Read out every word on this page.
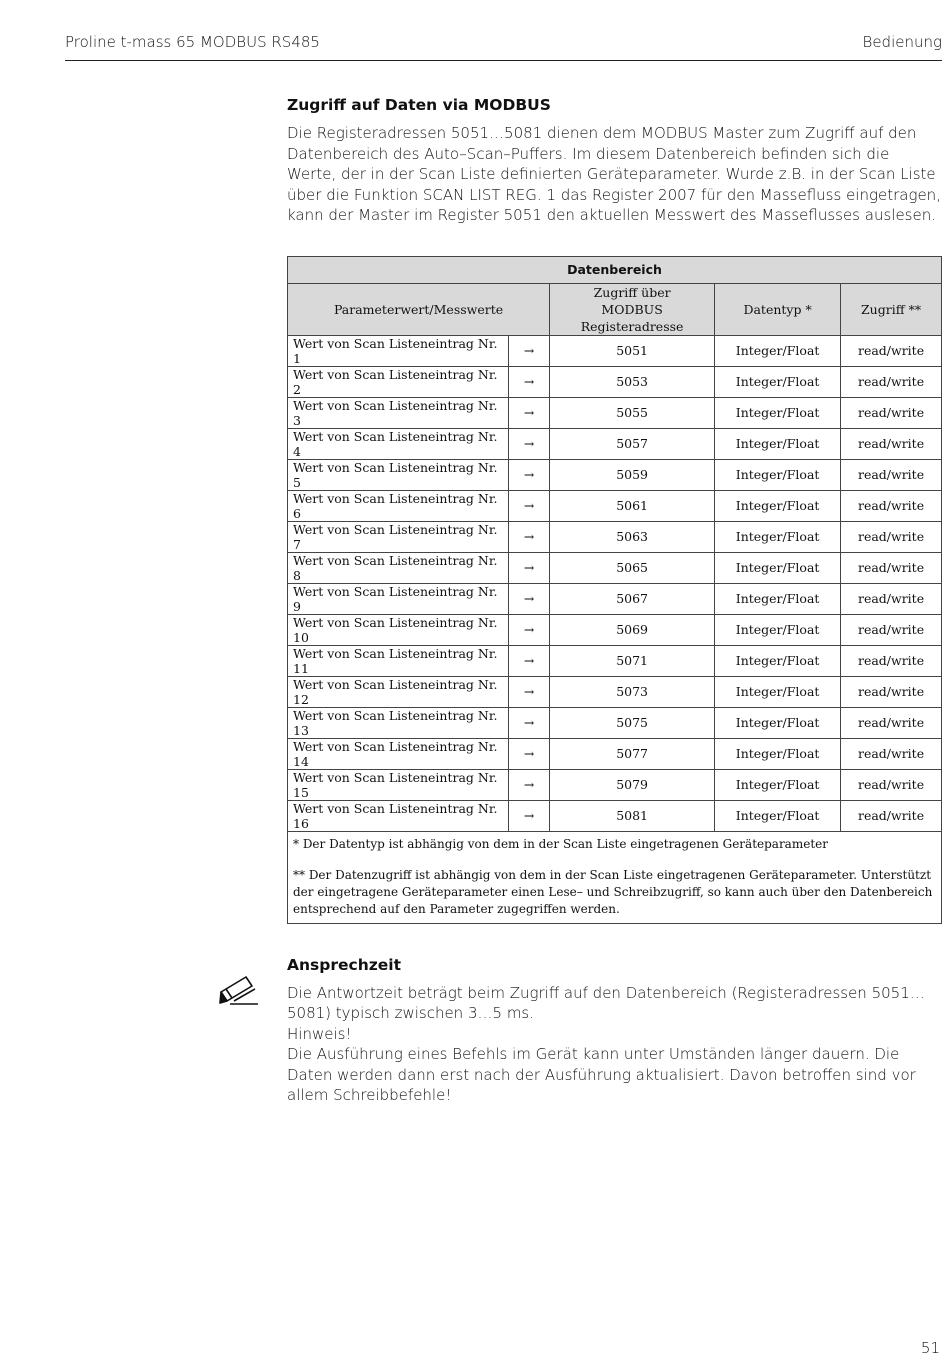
Proline t-mass 65 MODBUS RS485	Bedienung
Zugriff auf Daten via MODBUS

Die Registeradressen 5051…5081 dienen dem MODBUS Master zum Zugriff auf den Datenbereich des Auto–Scan–Puffers. Im diesem Datenbereich befinden sich die Werte, der in der Scan Liste definierten Geräteparameter. Wurde z.B. in der Scan Liste über die Funktion SCAN LIST REG. 1 das Register 2007 für den Massefluss eingetragen, kann der Master im Register 5051 den aktuellen Messwert des Masseflusses auslesen.

Datenbereich				
Parameterwert/Messwerte		Zugriff über MODBUS Registeradresse	Datentyp *	Zugriff **
Wert von Scan Listeneintrag Nr. 1	→	5051	Integer/Float	read/write
Wert von Scan Listeneintrag Nr. 2	→	5053	Integer/Float	read/write
Wert von Scan Listeneintrag Nr. 3	→	5055	Integer/Float	read/write
Wert von Scan Listeneintrag Nr. 4	→	5057	Integer/Float	read/write
Wert von Scan Listeneintrag Nr. 5	→	5059	Integer/Float	read/write
Wert von Scan Listeneintrag Nr. 6	→	5061	Integer/Float	read/write
Wert von Scan Listeneintrag Nr. 7	→	5063	Integer/Float	read/write
Wert von Scan Listeneintrag Nr. 8	→	5065	Integer/Float	read/write
Wert von Scan Listeneintrag Nr. 9	→	5067	Integer/Float	read/write
Wert von Scan Listeneintrag Nr. 10	→	5069	Integer/Float	read/write
Wert von Scan Listeneintrag Nr. 11	→	5071	Integer/Float	read/write
Wert von Scan Listeneintrag Nr. 12	→	5073	Integer/Float	read/write
Wert von Scan Listeneintrag Nr. 13	→	5075	Integer/Float	read/write
Wert von Scan Listeneintrag Nr. 14	→	5077	Integer/Float	read/write
Wert von Scan Listeneintrag Nr. 15	→	5079	Integer/Float	read/write
Wert von Scan Listeneintrag Nr. 16	→	5081	Integer/Float	read/write

* Der Datentyp ist abhängig von dem in der Scan Liste eingetragenen Geräteparameter
** Der Datenzugriff ist abhängig von dem in der Scan Liste eingetragenen Geräteparameter. Unterstützt der eingetragene Geräteparameter einen Lese– und Schreibzugriff, so kann auch über den Datenbereich entsprechend auf den Parameter zugegriffen werden.				
Ansprechzeit

Die Antwortzeit beträgt beim Zugriff auf den Datenbereich (Registeradressen 5051…5081) typisch zwischen 3…5 ms.

Hinweis!

Die Ausführung eines Befehls im Gerät kann unter Umständen länger dauern. Die Daten werden dann erst nach der Ausführung aktualisiert. Davon betroffen sind vor allem Schreibbefehle!

51
